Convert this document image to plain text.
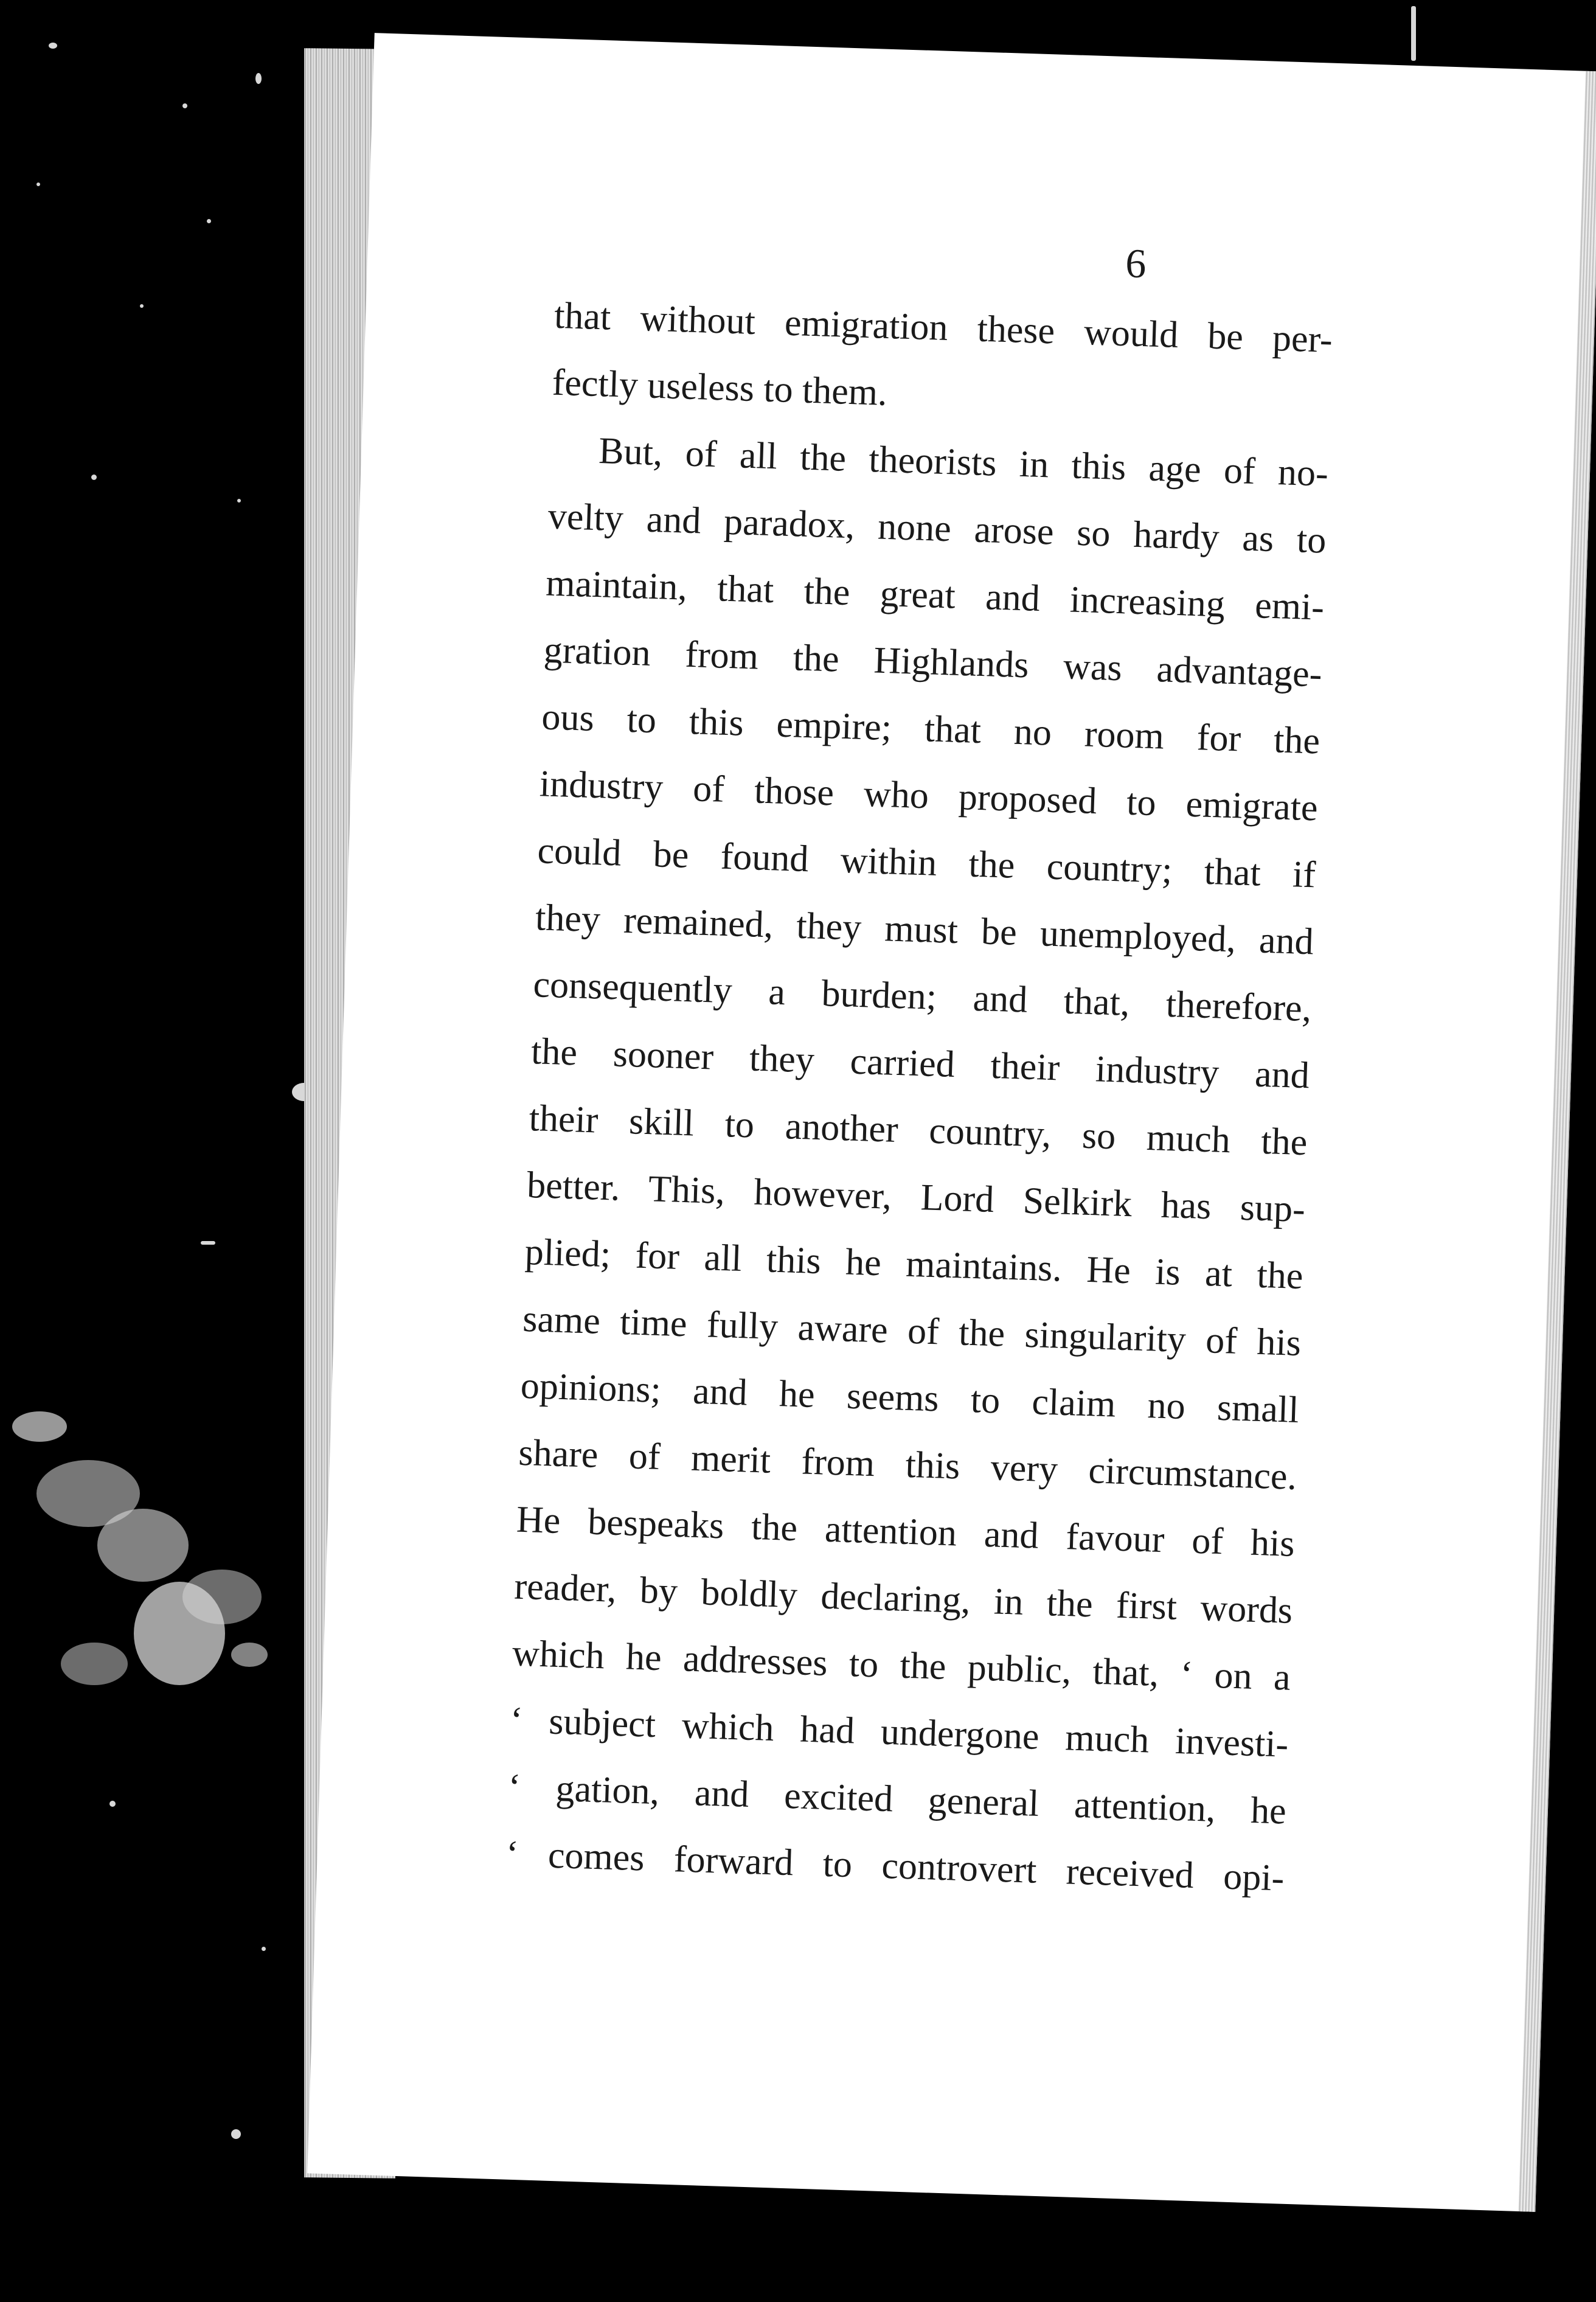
6
that without emigration these would be per-
fectly useless to them.
But, of all the theorists in this age of no-
velty and paradox, none arose so hardy as to
maintain, that the great and increasing emi-
gration from the Highlands was advantage-
ous to this empire; that no room for the
industry of those who proposed to emigrate
could be found within the country; that if
they remained, they must be unemployed, and
consequently a burden; and that, therefore,
the sooner they carried their industry and
their skill to another country, so much the
better. This, however, Lord Selkirk has sup-
plied; for all this he maintains. He is at the
same time fully aware of the singularity of his
opinions; and he seems to claim no small
share of merit from this very circumstance.
He bespeaks the attention and favour of his
reader, by boldly declaring, in the first words
which he addresses to the public, that, ‘ on a
‘ subject which had undergone much investi-
‘ gation, and excited general attention, he
‘ comes forward to controvert received opi-
